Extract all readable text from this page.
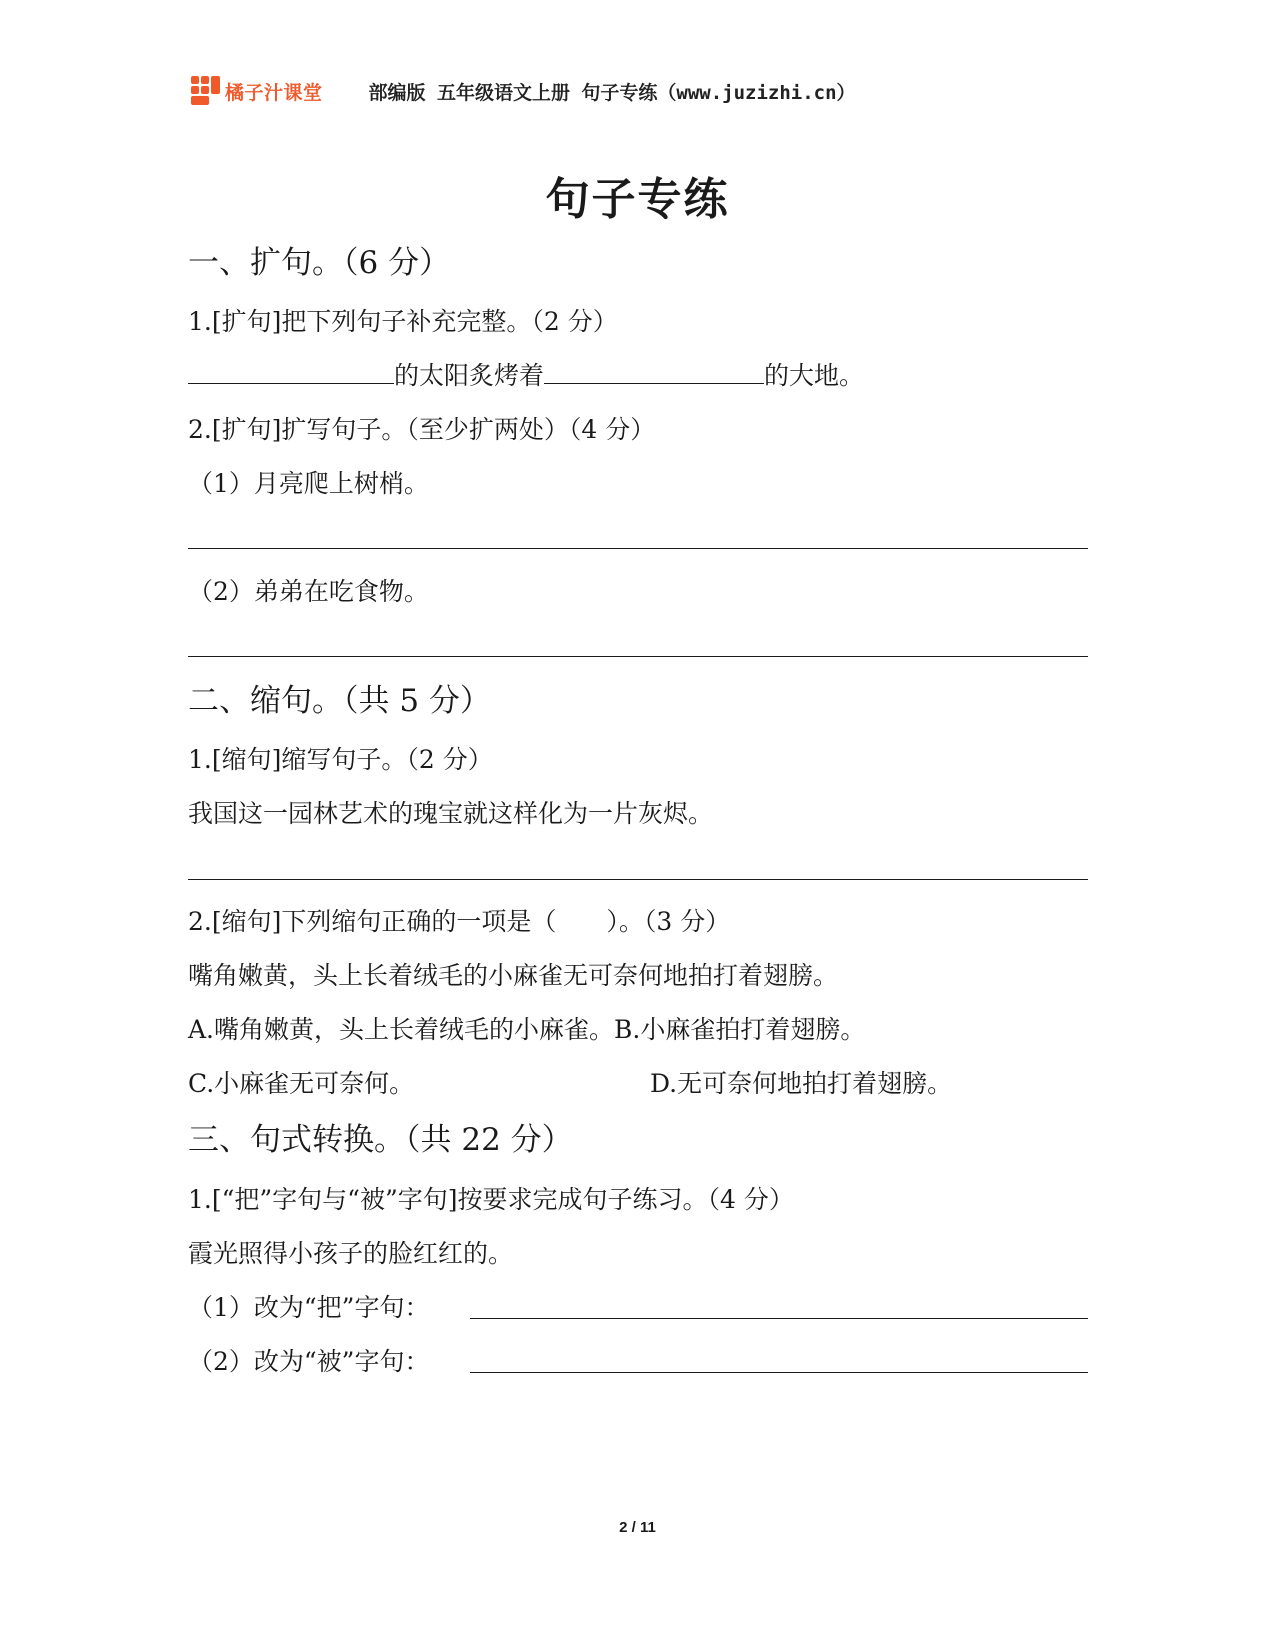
橘子汁课堂 部编版 五年级语文上册 句子专练（www.juzizhi.cn）
句子专练
一、扩句。（6 分）
1.[扩句]把下列句子补充完整。（2 分）
的太阳炙烤着	的大地。
2.[扩句]扩写句子。（至少扩两处）（4 分）
（1）月亮爬上树梢。
（2）弟弟在吃食物。
二、缩句。（共 5 分）
1.[缩句]缩写句子。（2 分）
我国这一园林艺术的瑰宝就这样化为一片灰烬。
2.[缩句]下列缩句正确的一项是（　　）。（3 分）
嘴角嫩黄，头上长着绒毛的小麻雀无可奈何地拍打着翅膀。
A.嘴角嫩黄，头上长着绒毛的小麻雀。B.小麻雀拍打着翅膀。
C.小麻雀无可奈何。	D.无可奈何地拍打着翅膀。
三、句式转换。（共 22 分）
1.[“把”字句与“被”字句]按要求完成句子练习。（4 分）
霞光照得小孩子的脸红红的。
（1）改为“把”字句：
（2）改为“被”字句：
2 / 11
